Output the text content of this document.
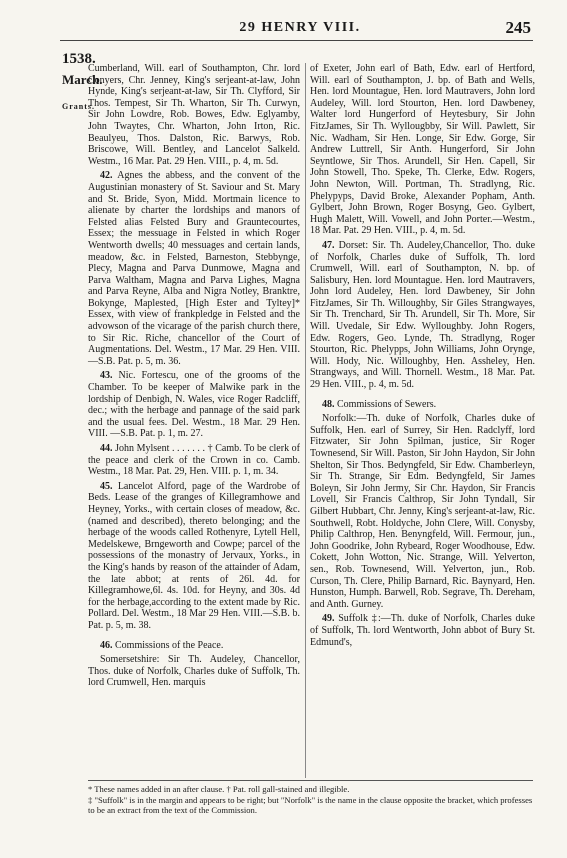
29 HENRY VIII.	245
1538.
March.
Grants.

Cumberland, Will. earl of Southampton, Chr. lord Conyers, Chr. Jenney, King's serjeant-at-law, John Hynde, King's serjeant-at-law, Sir Th. Clyfford, Sir Thos. Tempest, Sir Th. Wharton, Sir Th. Curwyn, Sir John Lowdre, Rob. Bowes, Edw. Eglyamby, John Twaytes, Chr. Wharton, John Irton, Ric. Beaulyeu, Thos. Dalston, Ric. Barwys, Rob. Briscowe, Will. Bentley, and Lancelot Salkeld. Westm., 16 Mar. Pat. 29 Hen. VIII., p. 4, m. 5d.

42. Agnes the abbess, and the convent of the Augustinian monastery of St. Saviour and St. Mary and St. Bride, Syon, Midd. Mortmain licence to alienate by charter the lordships and manors of Felsted alias Felsted Bury and Grauntecourtes, Essex; the messuage in Felsted in which Roger Wentworth dwells; 40 messuages and certain lands, meadow, &c. in Felsted, Barneston, Stebbynge, Plecy, Magna and Parva Dunmowe, Magna and Parva Waltham, Magna and Parva Lighes, Magna and Parva Reyne, Alba and Nigra Notley, Branktre, Bokynge, Maplested, [High Ester and Tyltey]* Essex, with view of frankpledge in Felsted and the advowson of the vicarage of the parish church there, to Sir Ric. Riche, chancellor of the Court of Augmentations. Del. Westm., 17 Mar. 29 Hen. VIII.—S.B. Pat. p. 5, m. 36.

43. Nic. Fortescu, one of the grooms of the Chamber. To be keeper of Malwike park in the lordship of Denbigh, N. Wales, vice Roger Radcliff, dec.; with the herbage and pannage of the said park and the usual fees. Del. Westm., 18 Mar. 29 Hen. VIII. —S.B. Pat. p. 1, m. 27.

44. John Mylsent . . . . . . . † Camb. To be clerk of the peace and clerk of the Crown in co. Camb. Westm., 18 Mar. Pat. 29, Hen. VIII. p. 1, m. 34.

45. Lancelot Alford, page of the Wardrobe of Beds. Lease of the granges of Killegramhowe and Heyney, Yorks., with certain closes of meadow, &c. (named and described), thereto belonging; and the herbage of the woods called Rothenyre, Lytell Hell, Medelskewe, Brngeworth and Cowpe; parcel of the possessions of the monastry of Jervaux, Yorks., in the King's hands by reason of the attainder of Adam, the late abbot; at rents of 26l. 4d. for Killegramhowe,6l. 4s. 10d. for Heyny, and 30s. 4d for the herbage,according to the extent made by Ric. Pollard. Del. Westm., 18 Mar 29 Hen. VIII.—S.B. b. Pat. p. 5, m. 38.

46. Commissions of the Peace.

Somersetshire: Sir Th. Audeley, Chancellor, Thos. duke of Norfolk, Charles duke of Suffolk, Th. lord Crumwell, Hen. marquis

of Exeter, John earl of Bath, Edw. earl of Hertford, Will. earl of Southampton, J. bp. of Bath and Wells, Hen. lord Mountague, Hen. lord Mautravers, John lord Audeley, Will. lord Stourton, Hen. lord Dawbeney, Walter lord Hungerford of Heytesbury, Sir John FitzJames, Sir Th. Wyllougbby, Sir Will. Pawlett, Sir Nic. Wadham, Sir Hen. Longe, Sir Edw. Gorge, Sir Andrew Luttrell, Sir Anth. Hungerford, Sir John Seyntlowe, Sir Thos. Arundell, Sir Hen. Capell, Sir John Stowell, Tho. Speke, Th. Clerke, Edw. Rogers, John Newton, Will. Portman, Th. Stradlyng, Ric. Phelypyps, David Broke, Alexander Popham, Anth. Gylbert, John Brown, Roger Bosyng, Geo. Gylbert, Hugh Malett, Will. Vowell, and John Porter.—Westm., 18 Mar. Pat. 29 Hen. VIII., p. 4, m. 5d.

47. Dorset: Sir. Th. Audeley,Chancellor, Tho. duke of Norfolk, Charles duke of Suffolk, Th. lord Crumwell, Will. earl of Southampton, N. bp. of Salisbury, Hen. lord Mountague. Hen. lord Mautravers, John lord Audeley, Hen. lord Dawbeney, Sir John FitzJames, Sir Th. Willoughby, Sir Giles Strangwayes, Sir Th. Trenchard, Sir Th. Arundell, Sir Th. More, Sir Will. Uvedale, Sir Edw. Wylloughby. John Rogers, Edw. Rogers, Geo. Lynde, Th. Stradlyng, Roger Stourton, Ric. Phelypps, John Williams, John Oryngе, Will. Hody, Nic. Willoughby, Hen. Assheley, Hen. Strangways, and Will. Thornell. Westm., 18 Mar. Pat. 29 Hen. VIII., p. 4, m. 5d.

48. Commissions of Sewers.

Norfolk:—Th. duke of Norfolk, Charles duke of Suffolk, Hen. earl of Surrey, Sir Hen. Radclyff, lord Fitzwater, Sir John Spilman, justice, Sir Roger Townesend, Sir Will. Paston, Sir John Haydon, Sir John Shelton, Sir Thos. Bedyngfeld, Sir Edw. Chamberleyn, Sir Th. Strange, Sir Edm. Bedyngfeld, Sir James Boleyn, Sir John Jermy, Sir Chr. Haydon, Sir Francis Lovell, Sir Francis Calthrop, Sir John Tyndall, Sir Gilbert Hubbart, Chr. Jenny, King's serjeant-at-law, Ric. Southwell, Robt. Holdyche, John Clere, Will. Conysby, Philip Calthrop, Hen. Benyngfeld, Will. Fermour, jun., John Goodrike, John Rybeard, Roger Woodhouse, Edw. Cokett, John Wotton, Nic. Strange, Will. Yelverton, sen., Rob. Townesend, Will. Yelverton, jun., Rob. Curson, Th. Clere, Philip Barnard, Ric. Baynyard, Hen. Hunston, Humph. Barwell, Rob. Segrave, Th. Dereham, and Anth. Gurney.

49. Suffolk ‡:—Th. duke of Norfolk, Charles duke of Suffolk, Th. lord Wentworth, John abbot of Bury St. Edmund's,

* These names added in an after clause. † Pat. roll gall-stained and illegible.

‡ "Suffolk" is in the margin and appears to be right; but "Norfolk" is the name in the clause opposite the bracket, which professes to be an extract from the text of the Commission.
